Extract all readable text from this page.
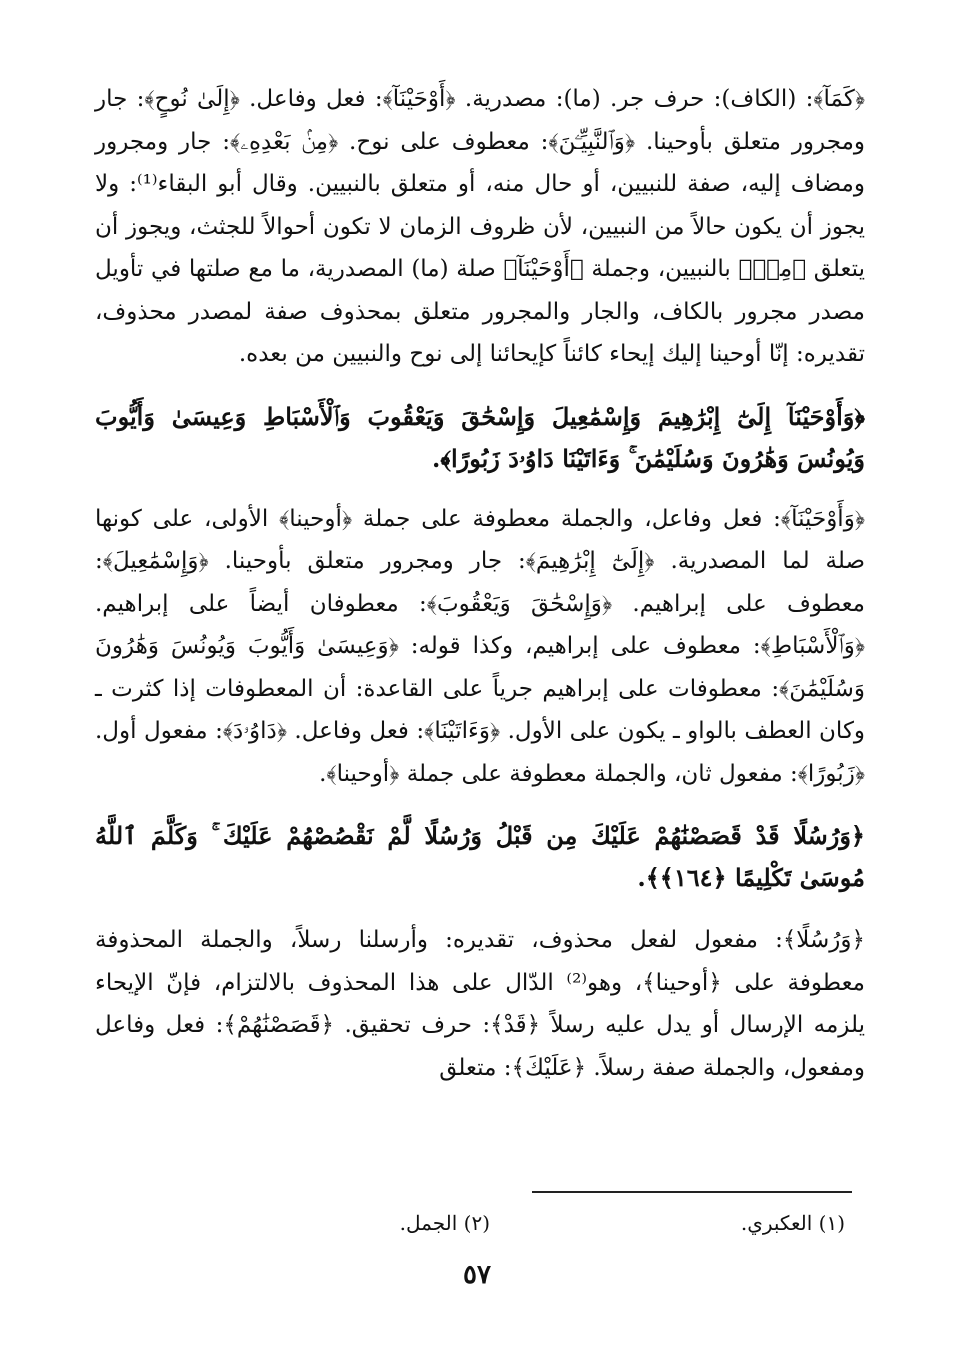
﴿كَمَآ﴾: (الكاف): حرف جر. (ما): مصدرية. ﴿أَوْحَيْنَآ﴾: فعل وفاعل. ﴿إِلَىٰ نُوحٍ﴾: جار ومجرور متعلق بأوحينا. ﴿وَٱلنَّبِيِّـۧنَ﴾: معطوف على نوح. ﴿مِنۢ بَعْدِهِۦ﴾: جار ومجرور ومضاف إليه، صفة للنبيين، أو حال منه، أو متعلق بالنبيين. وقال أبو البقاء⁽¹⁾: ولا يجوز أن يكون حالاً من النبيين، لأن ظروف الزمان لا تكون أحوالاً للجثث، ويجوز أن يتعلق ﴿مِنۢ﴾ بالنبيين، وجملة ﴿أَوْحَيْنَآ﴾ صلة (ما) المصدرية، ما مع صلتها في تأويل مصدر مجرور بالكاف، والجار والمجرور متعلق بمحذوف صفة لمصدر محذوف، تقديره: إنّا أوحينا إليك إيحاء كائناً كإيحائنا إلى نوح والنبيين من بعده.

﴿وَأَوْحَيْنَآ إِلَىٰٓ إِبْرَٰهِيمَ وَإِسْمَٰعِيلَ وَإِسْحَٰقَ وَيَعْقُوبَ وَٱلْأَسْبَاطِ وَعِيسَىٰ وَأَيُّوبَ وَيُونُسَ وَهَٰرُونَ وَسُلَيْمَٰنَ ۚ وَءَاتَيْنَا دَاوُۥدَ زَبُورًا﴾.

﴿وَأَوْحَيْنَآ﴾: فعل وفاعل، والجملة معطوفة على جملة ﴿أوحينا﴾ الأولى، على كونها صلة لما المصدرية. ﴿إِلَىٰٓ إِبْرَٰهِيمَ﴾: جار ومجرور متعلق بأوحينا. ﴿وَإِسْمَٰعِيلَ﴾: معطوف على إبراهيم. ﴿وَإِسْحَٰقَ وَيَعْقُوبَ﴾: معطوفان أيضاً على إبراهيم. ﴿وَٱلْأَسْبَاطِ﴾: معطوف على إبراهيم، وكذا قوله: ﴿وَعِيسَىٰ وَأَيُّوبَ وَيُونُسَ وَهَٰرُونَ وَسُلَيْمَٰنَ﴾: معطوفات على إبراهيم جرياً على القاعدة: أن المعطوفات إذا كثرت ـ وكان العطف بالواو ـ يكون على الأول. ﴿وَءَاتَيْنَا﴾: فعل وفاعل. ﴿دَاوُۥدَ﴾: مفعول أول. ﴿زَبُورًا﴾: مفعول ثان، والجملة معطوفة على جملة ﴿أوحينا﴾.

﴿وَرُسُلًا قَدْ قَصَصْنَٰهُمْ عَلَيْكَ مِن قَبْلُ وَرُسُلًا لَّمْ نَقْصُصْهُمْ عَلَيْكَ ۚ وَكَلَّمَ ٱللَّهُ مُوسَىٰ تَكْلِيمًا ﴿١٦٤﴾﴾.

﴿وَرُسُلًا﴾: مفعول لفعل محذوف، تقديره: وأرسلنا رسلاً، والجملة المحذوفة معطوفة على ﴿أوحينا﴾، وهو⁽²⁾ الدّال على هذا المحذوف بالالتزام، فإنّ الإيحاء يلزمه الإرسال أو يدل عليه رسلاً ﴿قَدْ﴾: حرف تحقيق. ﴿قَصَصْنَٰهُمْ﴾: فعل وفاعل ومفعول، والجملة صفة رسلاً. ﴿عَلَيْكَ﴾: متعلق

(١) العكبري.
(٢) الجمل.
٥٧
